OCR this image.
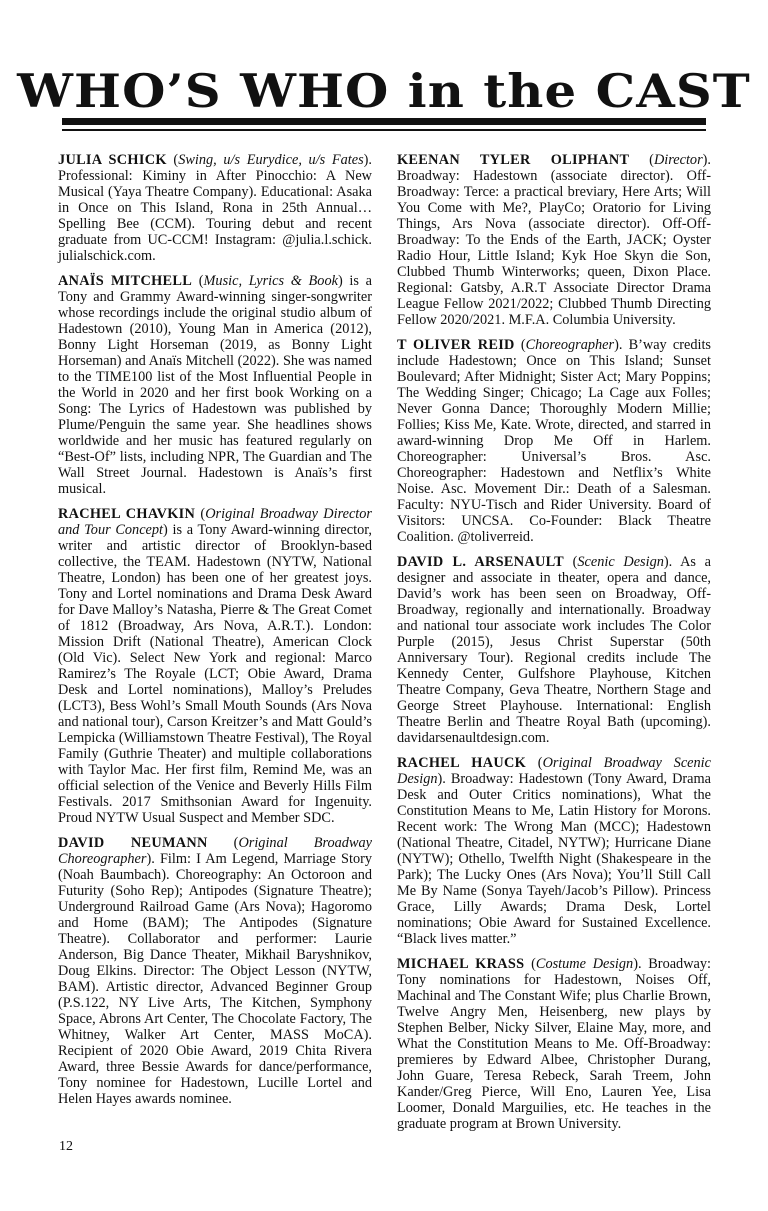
WHO’S WHO in the CAST

JULIA SCHICK (Swing, u/s Eurydice, u/s Fates). Professional: Kiminy in After Pinocchio: A New Musical (Yaya Theatre Company). Educational: Asaka in Once on This Island, Rona in 25th Annual…Spelling Bee (CCM). Touring debut and recent graduate from UC-CCM! Instagram: @julia.l.schick. julialschick.com.

ANAÏS MITCHELL (Music, Lyrics & Book) is a Tony and Grammy Award-winning singer-songwriter whose recordings include the original studio album of Hadestown (2010), Young Man in America (2012), Bonny Light Horseman (2019, as Bonny Light Horseman) and Anaïs Mitchell (2022). She was named to the TIME100 list of the Most Influential People in the World in 2020 and her first book Working on a Song: The Lyrics of Hadestown was published by Plume/Penguin the same year. She headlines shows worldwide and her music has featured regularly on “Best-Of” lists, including NPR, The Guardian and The Wall Street Journal. Hadestown is Anaïs’s first musical.

RACHEL CHAVKIN (Original Broadway Director and Tour Concept) is a Tony Award-winning director, writer and artistic director of Brooklyn-based collective, the TEAM. Hadestown (NYTW, National Theatre, London) has been one of her greatest joys. Tony and Lortel nominations and Drama Desk Award for Dave Malloy’s Natasha, Pierre & The Great Comet of 1812 (Broadway, Ars Nova, A.R.T.). London: Mission Drift (National Theatre), American Clock (Old Vic). Select New York and regional: Marco Ramirez’s The Royale (LCT; Obie Award, Drama Desk and Lortel nominations), Malloy’s Preludes (LCT3), Bess Wohl’s Small Mouth Sounds (Ars Nova and national tour), Carson Kreitzer’s and Matt Gould’s Lempicka (Williamstown Theatre Festival), The Royal Family (Guthrie Theater) and multiple collaborations with Taylor Mac. Her first film, Remind Me, was an official selection of the Venice and Beverly Hills Film Festivals. 2017 Smithsonian Award for Ingenuity. Proud NYTW Usual Suspect and Member SDC.

DAVID NEUMANN (Original Broadway Choreographer). Film: I Am Legend, Marriage Story (Noah Baumbach). Choreography: An Octoroon and Futurity (Soho Rep); Antipodes (Signature Theatre); Underground Railroad Game (Ars Nova); Hagoromo and Home (BAM); The Antipodes (Signature Theatre). Collaborator and performer: Laurie Anderson, Big Dance Theater, Mikhail Baryshnikov, Doug Elkins. Director: The Object Lesson (NYTW, BAM). Artistic director, Advanced Beginner Group (P.S.122, NY Live Arts, The Kitchen, Symphony Space, Abrons Art Center, The Chocolate Factory, The Whitney, Walker Art Center, MASS MoCA). Recipient of 2020 Obie Award, 2019 Chita Rivera Award, three Bessie Awards for dance/performance, Tony nominee for Hadestown, Lucille Lortel and Helen Hayes awards nominee.

KEENAN TYLER OLIPHANT (Director). Broadway: Hadestown (associate director). Off-Broadway: Terce: a practical breviary, Here Arts; Will You Come with Me?, PlayCo; Oratorio for Living Things, Ars Nova (associate director). Off-Off-Broadway: To the Ends of the Earth, JACK; Oyster Radio Hour, Little Island; Kyk Hoe Skyn die Son, Clubbed Thumb Winterworks; queen, Dixon Place. Regional: Gatsby, A.R.T Associate Director Drama League Fellow 2021/2022; Clubbed Thumb Directing Fellow 2020/2021. M.F.A. Columbia University.

T OLIVER REID (Choreographer). B’way credits include Hadestown; Once on This Island; Sunset Boulevard; After Midnight; Sister Act; Mary Poppins; The Wedding Singer; Chicago; La Cage aux Folles; Never Gonna Dance; Thoroughly Modern Millie; Follies; Kiss Me, Kate. Wrote, directed, and starred in award-winning Drop Me Off in Harlem. Choreographer: Universal’s Bros. Asc. Choreographer: Hadestown and Netflix’s White Noise. Asc. Movement Dir.: Death of a Salesman. Faculty: NYU-Tisch and Rider University. Board of Visitors: UNCSA. Co-Founder: Black Theatre Coalition. @toliverreid.

DAVID L. ARSENAULT (Scenic Design). As a designer and associate in theater, opera and dance, David’s work has been seen on Broadway, Off-Broadway, regionally and internationally. Broadway and national tour associate work includes The Color Purple (2015), Jesus Christ Superstar (50th Anniversary Tour). Regional credits include The Kennedy Center, Gulfshore Playhouse, Kitchen Theatre Company, Geva Theatre, Northern Stage and George Street Playhouse. International: English Theatre Berlin and Theatre Royal Bath (upcoming). davidarsenaultdesign.com.

RACHEL HAUCK (Original Broadway Scenic Design). Broadway: Hadestown (Tony Award, Drama Desk and Outer Critics nominations), What the Constitution Means to Me, Latin History for Morons. Recent work: The Wrong Man (MCC); Hadestown (National Theatre, Citadel, NYTW); Hurricane Diane (NYTW); Othello, Twelfth Night (Shakespeare in the Park); The Lucky Ones (Ars Nova); You’ll Still Call Me By Name (Sonya Tayeh/Jacob’s Pillow). Princess Grace, Lilly Awards; Drama Desk, Lortel nominations; Obie Award for Sustained Excellence. “Black lives matter.”

MICHAEL KRASS (Costume Design). Broadway: Tony nominations for Hadestown, Noises Off, Machinal and The Constant Wife; plus Charlie Brown, Twelve Angry Men, Heisenberg, new plays by Stephen Belber, Nicky Silver, Elaine May, more, and What the Constitution Means to Me. Off-Broadway: premieres by Edward Albee, Christopher Durang, John Guare, Teresa Rebeck, Sarah Treem, John Kander/Greg Pierce, Will Eno, Lauren Yee, Lisa Loomer, Donald Marguilies, etc. He teaches in the graduate program at Brown University.

12
